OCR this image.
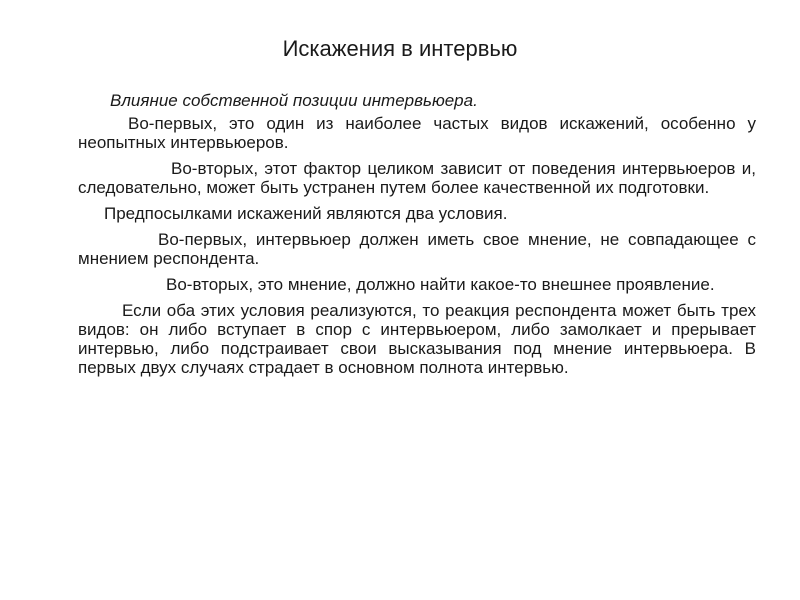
Искажения в интервью
Влияние собственной позиции интервьюера.

Во-первых, это один из наиболее частых видов искажений, особенно у неопытных интервьюеров.

Во-вторых, этот фактор целиком зависит от поведения интервьюеров и, следовательно, может быть устранен путем более качественной их подготовки.

Предпосылками искажений являются два условия.

Во-первых, интервьюер должен иметь свое мнение, не совпадающее с мнением респондента.

Во-вторых, это мнение, должно найти какое-то внешнее проявление.

Если оба этих условия реализуются, то реакция респондента может быть трех видов: он либо вступает в спор с интервьюером, либо замолкает и прерывает интервью, либо подстраивает свои высказывания под мнение интервьюера. В первых двух случаях страдает в основном полнота интервью.
